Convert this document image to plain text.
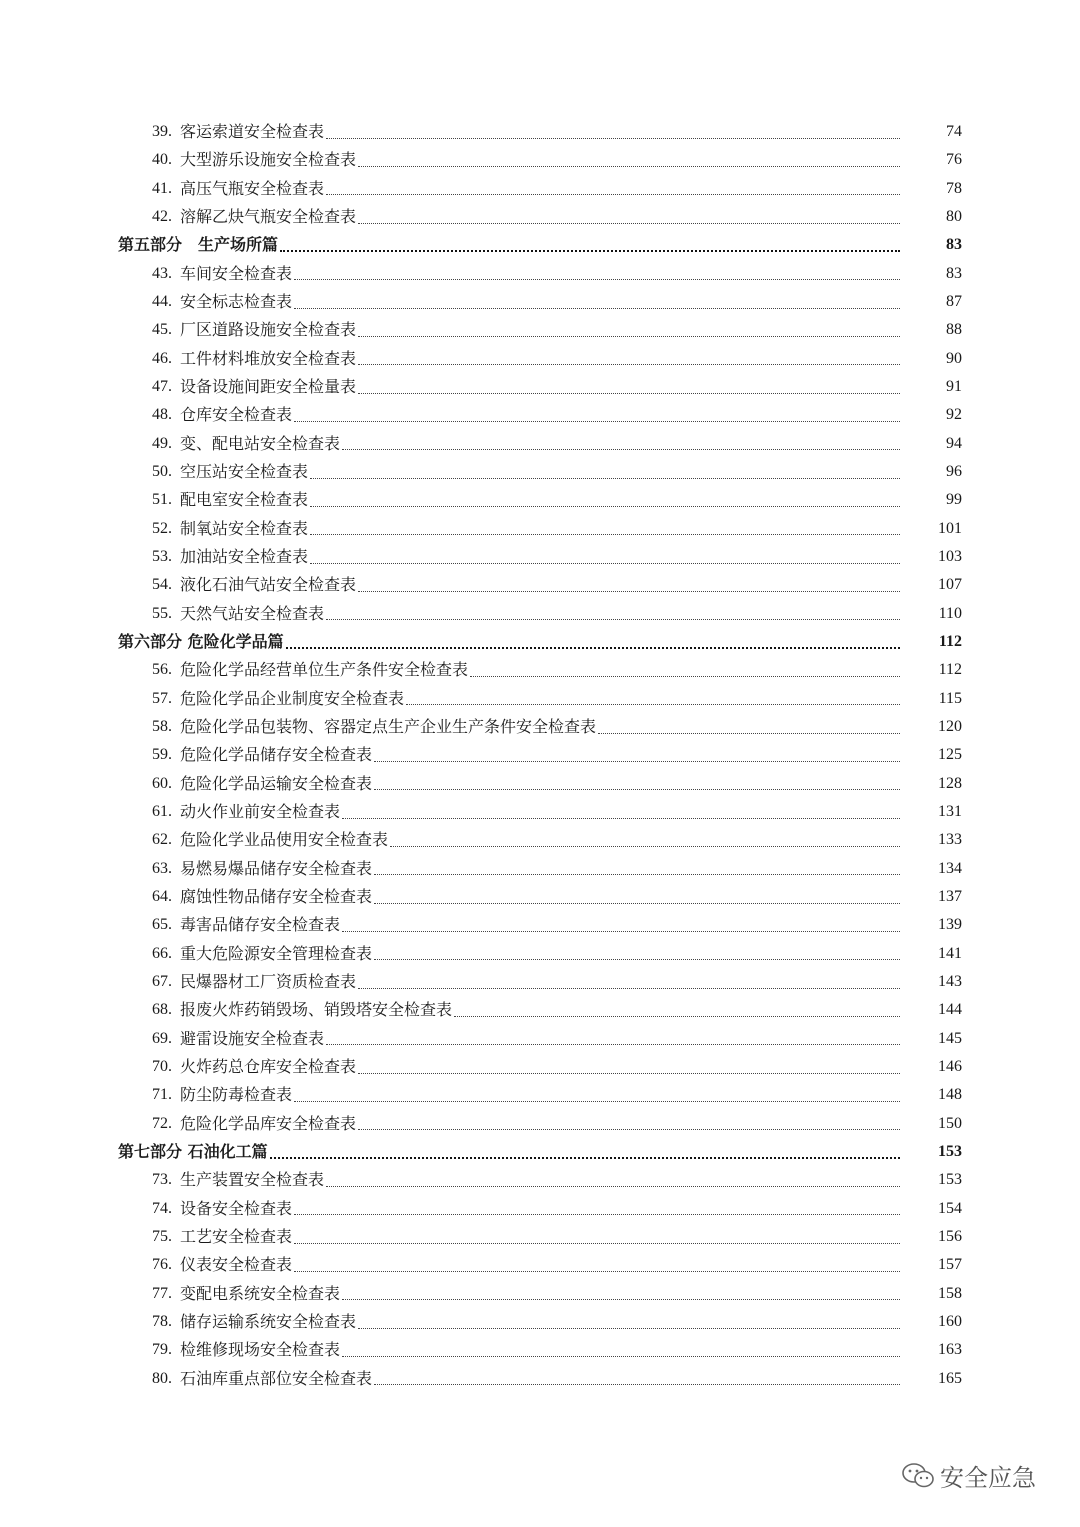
39. 客运索道安全检查表	74
40. 大型游乐设施安全检查表	76
41. 高压气瓶安全检查表	78
42. 溶解乙炔气瓶安全检查表	80
第五部分　生产场所篇	83
43. 车间安全检查表	83
44. 安全标志检查表	87
45. 厂区道路设施安全检查表	88
46. 工件材料堆放安全检查表	90
47. 设备设施间距安全检量表	91
48. 仓库安全检查表	92
49. 变、配电站安全检查表	94
50. 空压站安全检查表	96
51. 配电室安全检查表	99
52. 制氧站安全检查表	101
53. 加油站安全检查表	103
54. 液化石油气站安全检查表	107
55. 天然气站安全检查表	110
第六部分 危险化学品篇	112
56. 危险化学品经营单位生产条件安全检查表	112
57. 危险化学品企业制度安全检查表	115
58. 危险化学品包装物、容器定点生产企业生产条件安全检查表	120
59. 危险化学品储存安全检查表	125
60. 危险化学品运输安全检查表	128
61. 动火作业前安全检查表	131
62. 危险化学业品使用安全检查表	133
63. 易燃易爆品储存安全检查表	134
64. 腐蚀性物品储存安全检查表	137
65. 毒害品储存安全检查表	139
66. 重大危险源安全管理检查表	141
67. 民爆器材工厂资质检查表	143
68. 报废火炸药销毁场、销毁塔安全检查表	144
69. 避雷设施安全检查表	145
70. 火炸药总仓库安全检查表	146
71. 防尘防毒检查表	148
72. 危险化学品库安全检查表	150
第七部分 石油化工篇	153
73. 生产装置安全检查表	153
74. 设备安全检查表	154
75. 工艺安全检查表	156
76. 仪表安全检查表	157
77. 变配电系统安全检查表	158
78. 储存运输系统安全检查表	160
79. 检维修现场安全检查表	163
80. 石油库重点部位安全检查表	165
安全应急
